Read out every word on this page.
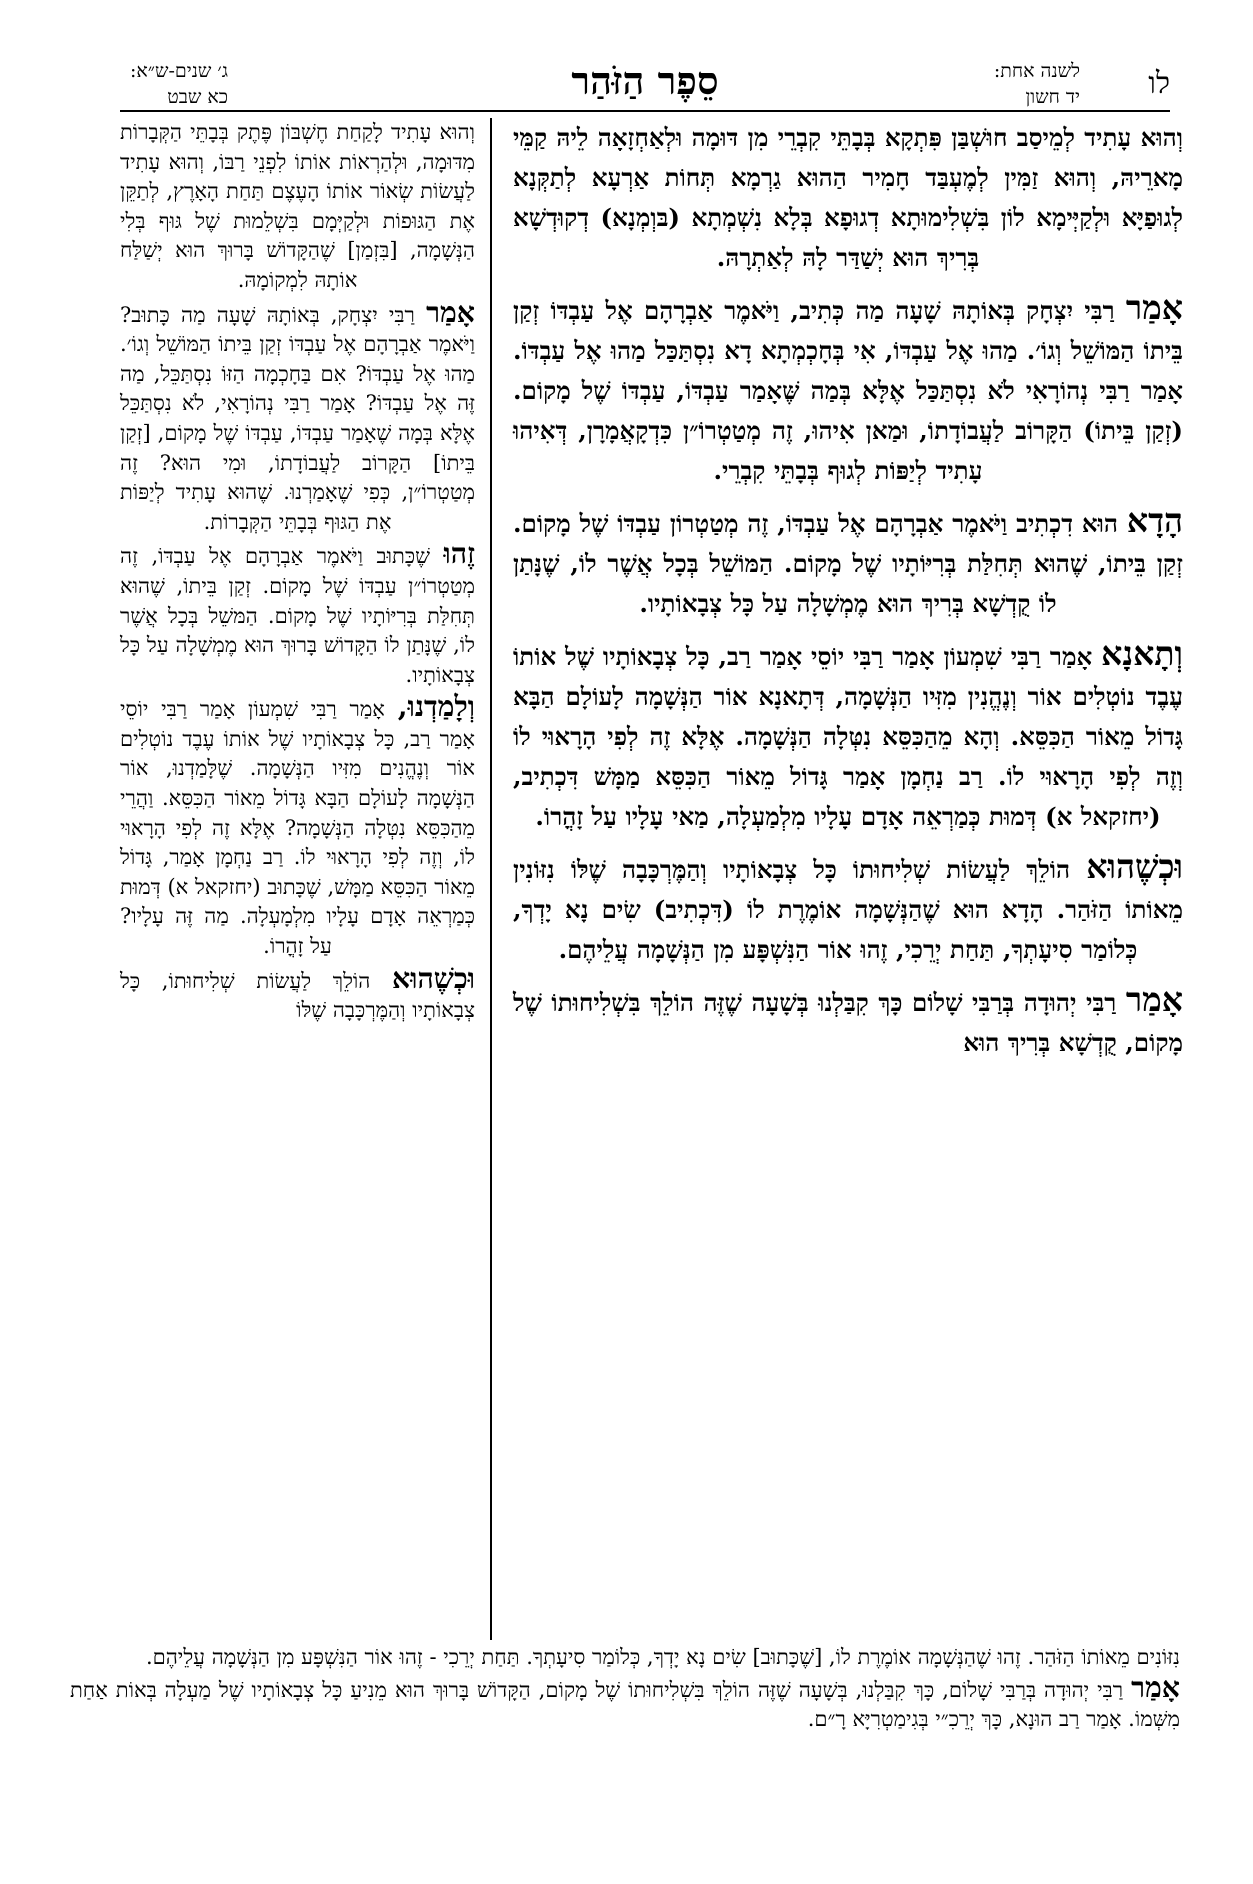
לו
לשנה אחת:
יד חשון
סֵפֶר הַזֹּהַר
ג׳ שנים-ש״א:
כא שבט

וְהוּא עָתִיד לְמֵיסַב חוּשְׁבַּן פִּתְקָא בְּבָתֵּי קִבְרֵי מִן דּוּמָה וּלְאַחְזָאָה לֵיהּ קַמֵּי מָארֵיהּ, וְהוּא זַמִּין לְמֶעְבַּד חָמִיר הַהוּא גַרְמָא תְּחוֹת אַרְעָא לְתַקְּנָא לְגוּפַיָּא וּלְקַיְּימָא לוֹן בִּשְׁלִימוּתָא דְגוּפָא בְּלָא נִשְׁמְתָא (בּוְמְנָא) דְקוּדְשָׁא בְּרִיךְ הוּא יְשַׁדַּר לָהּ לְאַתְרָהּ.

אָמַר רַבִּי יִצְחָק בְּאוֹתָהּ שָׁעָה מַה כְּתִיב, וַיֹּאמֶר אַבְרָהָם אֶל עַבְדּוֹ זְקַן בֵּיתוֹ הַמּוֹשֵׁל וְגוֹ׳. מַהוּ אֶל עַבְדּוֹ, אִי בְּחָכְמְתָא דָא נִסְתַּכַּל מַהוּ אֶל עַבְדּוֹ. אָמַר רַבִּי נְהוֹרָאִי לֹא נִסְתַּכַּל אֶלָּא בְּמַה שֶּׁאָמַר עַבְדּוֹ, עַבְדּוֹ שֶׁל מָקוֹם. (זְקַן בֵּיתוֹ) הַקָּרוֹב לַעֲבוֹדָתוֹ, וּמַאן אִיהוּ, זֶה מְטַטְרוֹ״ן כִּדְקָאֲמָרָן, דְּאִיהוּ עָתִיד לְיַפּוֹת לְגוּף בְּבָתֵּי קִבְרֵי.

הָדָא הוּא דִכְתִיב וַיֹּאמֶר אַבְרָהָם אֶל עַבְדּוֹ, זֶה מְטַטְרוֹן עַבְדּוֹ שֶׁל מָקוֹם. זְקַן בֵּיתוֹ, שֶׁהוּא תְּחִלַּת בְּרִיּוֹתָיו שֶׁל מָקוֹם. הַמּוֹשֵׁל בְּכָל אֲשֶׁר לוֹ, שֶׁנָּתַן לוֹ קֻדְשָׁא בְּרִיךְ הוּא מֶמְשָׁלָה עַל כָּל צְבָאוֹתָיו.

וְתָאנָא אָמַר רַבִּי שִׁמְעוֹן אָמַר רַבִּי יוֹסֵי אָמַר רַב, כָּל צְבָאוֹתָיו שֶׁל אוֹתוֹ עֶבֶד נוֹטְלִים אוֹר וְנֶהֱנִין מִזִּיו הַנְּשָׁמָה, דְּתָאנָא אוֹר הַנְּשָׁמָה לָעוֹלָם הַבָּא גָּדוֹל מֵאוֹר הַכִּסֵּא. וְהָא מֵהַכִּסֵּא נִטְּלָה הַנְּשָׁמָה. אֶלָּא זֶה לְפִי הָרָאוּי לוֹ וְזֶה לְפִי הָרָאוּי לוֹ. רַב נַחְמָן אָמַר גָּדוֹל מֵאוֹר הַכִּסֵּא מַמָּשׁ דִּכְתִיב, (יחזקאל א) דְּמוּת כְּמַרְאֵה אָדָם עָלָיו מִלְמַעְלָה, מַאי עָלָיו עַל זָהֳרוֹ.

וּכְשֶׁהוּא הוֹלֵךְ לַעֲשׂוֹת שְׁלִיחוּתוֹ כָּל צְבָאוֹתָיו וְהַמֶּרְכָּבָה שֶׁלּוֹ נִזּוֹנִין מֵאוֹתוֹ הַזֹּהַר. הָדָא הוּא שֶׁהַנְּשָׁמָה אוֹמֶרֶת לוֹ (דִּכְתִיב) שִׂים נָא יָדְךָ, כְּלוֹמַר סִיעָתְךָ, תַּחַת יְרֵכִי, זֶהוּ אוֹר הַנִּשְׁפָּע מִן הַנְּשָׁמָה עֲלֵיהֶם.

אָמַר רַבִּי יְהוּדָה בְּרַבִּי שָׁלוֹם כָּךְ קִבַּלְנוּ בְּשָׁעָה שֶׁזֶּה הוֹלֵךְ בִּשְׁלִיחוּתוֹ שֶׁל מָקוֹם, קֻדְשָׁא בְּרִיךְ הוּא

וְהוּא עָתִיד לָקַחַת חֶשְׁבּוֹן פֶּתֶק בְּבָתֵּי הַקְּבָרוֹת מִדּוּמָה, וּלְהַרְאוֹת אוֹתוֹ לִפְנֵי רַבּוֹ, וְהוּא עָתִיד לַעֲשׂוֹת שְׂאוֹר אוֹתוֹ הָעֶצֶם תַּחַת הָאָרֶץ, לְתַקֵּן אֶת הַגּוּפוֹת וּלְקַיְּמָם בִּשְׁלֵמוּת שֶׁל גּוּף בְּלִי הַנְּשָׁמָה, [בִּזְמַן] שֶׁהַקָּדוֹשׁ בָּרוּךְ הוּא יְשַׁלַּח אוֹתָהּ לִמְקוֹמָהּ.

אָמַר רַבִּי יִצְחָק, בְּאוֹתָהּ שָׁעָה מַה כָּתוּב? וַיֹּאמֶר אַבְרָהָם אֶל עַבְדּוֹ זְקַן בֵּיתוֹ הַמּוֹשֵׁל וְגוֹ׳. מַהוּ אֶל עַבְדּוֹ? אִם בַּחָכְמָה הַזּוֹ נִסְתַּכֵּל, מַה זֶּה אֶל עַבְדּוֹ? אָמַר רַבִּי נְהוֹרָאִי, לֹא נִסְתַּכֵּל אֶלָּא בְּמָה שֶׁאָמַר עַבְדּוֹ, עַבְדּוֹ שֶׁל מָקוֹם, [זְקַן בֵּיתוֹ] הַקָּרוֹב לַעֲבוֹדָתוֹ, וּמִי הוּא? זֶה מְטַטְרוֹ״ן, כְּפִי שֶׁאָמַרְנוּ. שֶׁהוּא עָתִיד לְיַפּוֹת אֶת הַגּוּף בְּבָתֵּי הַקְּבָרוֹת.

זֶהוּ שֶׁכָּתוּב וַיֹּאמֶר אַבְרָהָם אֶל עַבְדּוֹ, זֶה מְטַטְרוֹ״ן עַבְדּוֹ שֶׁל מָקוֹם. זְקַן בֵּיתוֹ, שֶׁהוּא תְּחִלַּת בְּרִיּוֹתָיו שֶׁל מָקוֹם. הַמּשֵׁל בְּכָל אֲשֶׁר לוֹ, שֶׁנָּתַן לוֹ הַקָּדוֹשׁ בָּרוּךְ הוּא מֶמְשָׁלָה עַל כָּל צְבָאוֹתָיו.

וְלָמַדְנוּ, אָמַר רַבִּי שִׁמְעוֹן אָמַר רַבִּי יוֹסֵי אָמַר רַב, כָּל צְבָאוֹתָיו שֶׁל אוֹתוֹ עֶבֶד נוֹטְלִים אוֹר וְנֶהֱנִים מִזִּיו הַנְּשָׁמָה. שֶׁלָּמַדְנוּ, אוֹר הַנְּשָׁמָה לָעוֹלָם הַבָּא גָּדוֹל מֵאוֹר הַכִּסֵּא. וַהֲרֵי מֵהַכִּסֵּא נִטְּלָה הַנְּשָׁמָה? אֶלָּא זֶה לְפִי הָרָאוּי לוֹ, וְזֶה לְפִי הָרָאוּי לוֹ. רַב נַחְמָן אָמַר, גָּדוֹל מֵאוֹר הַכִּסֵּא מַמָּשׁ, שֶׁכָּתוּב (יחזקאל א) דְּמוּת כְּמַרְאֵה אָדָם עָלָיו מִלְמָעְלָה. מַה זֶּה עָלָיו? עַל זָהֳרוֹ.

וּכְשֶׁהוּא הוֹלֵךְ לַעֲשׂוֹת שְׁלִיחוּתוֹ, כָּל צְבָאוֹתָיו וְהַמֶּרְכָּבָה שֶׁלּוֹ

נִזּוֹנִים מֵאוֹתוֹ הַזֹּהַר. זֶהוּ שֶׁהַנְּשָׁמָה אוֹמֶרֶת לוֹ, [שֶׁכָּתוּב] שִׂים נָא יָדְךָ, כְּלוֹמַר סִיעָתְךָ. תַּחַת יְרֵכִי - זֶהוּ אוֹר הַנִּשְׁפָּע מִן הַנְּשָׁמָה עֲלֵיהֶם.

אָמַר רַבִּי יְהוּדָה בְּרַבִּי שָׁלוֹם, כָּךְ קִבַּלְנוּ, בְּשָׁעָה שֶׁזֶּה הוֹלֵךְ בִּשְׁלִיחוּתוֹ שֶׁל מָקוֹם, הַקָּדוֹשׁ בָּרוּךְ הוּא מֵנִיעַ כָּל צְבָאוֹתָיו שֶׁל מַעְלָה בְּאוֹת אַחַת מִשְּׁמוֹ. אָמַר רַב הוּנָא, כָּךְ יְרֵכִ״י בְּגִימַטְרִיָּא רָ״ם.
